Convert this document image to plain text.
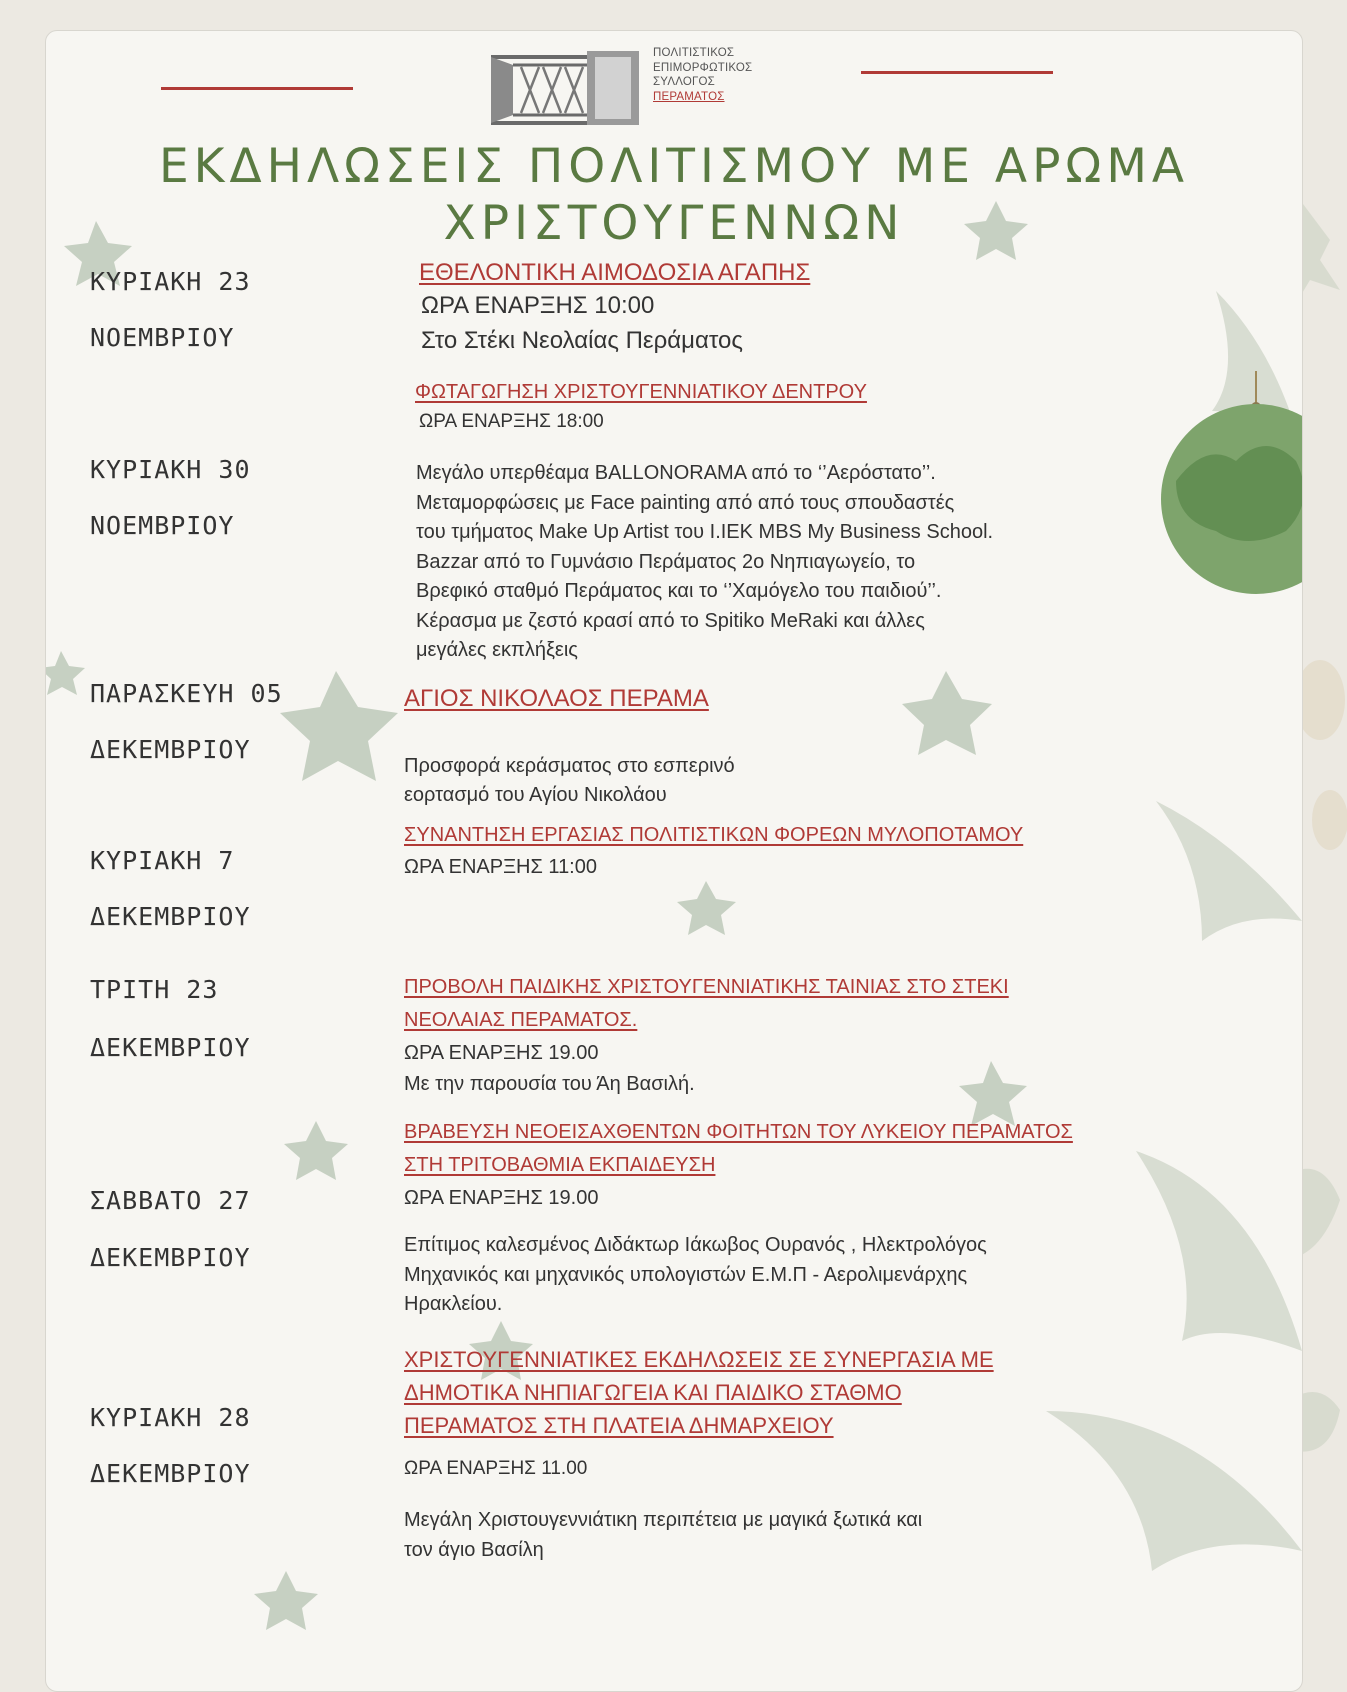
ΠΟΛΙΤΙΣΤΙΚΟΣ
ΕΠΙΜΟΡΦΩΤΙΚΟΣ
ΣΥΛΛΟΓΟΣ
ΠΕΡΑΜΑΤΟΣ
ΕΚΔΗΛΩΣΕΙΣ ΠΟΛΙΤΙΣΜΟΥ ΜΕ ΑΡΩΜΑ
ΧΡΙΣΤΟΥΓΕΝΝΩΝ
ΚΥΡΙΑΚΗ 23
ΝΟΕΜΒΡΙΟΥ
ΕΘΕΛΟΝΤΙΚΗ ΑΙΜΟΔΟΣΙΑ ΑΓΑΠΗΣ
ΩΡΑ ΕΝΑΡΞΗΣ 10:00
Στο Στέκι Νεολαίας Περάματος
ΦΩΤΑΓΩΓΗΣΗ ΧΡΙΣΤΟΥΓΕΝΝΙΑΤΙΚΟΥ ΔΕΝΤΡΟΥ
ΩΡΑ ΕΝΑΡΞΗΣ 18:00
ΚΥΡΙΑΚΗ 30
ΝΟΕΜΒΡΙΟΥ
Μεγάλο υπερθέαμα BALLONORAMA από το ‘’Αερόστατο’’.
Μεταμορφώσεις με Face painting από από τους σπουδαστές
του τμήματος Make Up Artist του Ι.ΙΕΚ MBS My Business School.
Bazzar από το Γυμνάσιο Περάματος 2ο Νηπιαγωγείο, το
Βρεφικό σταθμό Περάματος και το ‘’Χαμόγελο του παιδιού’’.
Κέρασμα με ζεστό κρασί από το Spitiko MeRaki και άλλες
μεγάλες εκπλήξεις
ΠΑΡΑΣΚΕΥΗ 05
ΔΕΚΕΜΒΡΙΟΥ
ΑΓΙΟΣ ΝΙΚΟΛΑΟΣ ΠΕΡΑΜΑ
Προσφορά κεράσματος στο εσπερινό
εορτασμό του Αγίου Νικολάου
ΣΥΝΑΝΤΗΣΗ ΕΡΓΑΣΙΑΣ ΠΟΛΙΤΙΣΤΙΚΩΝ ΦΟΡΕΩΝ ΜΥΛΟΠΟΤΑΜΟΥ
ΩΡΑ ΕΝΑΡΞΗΣ 11:00
ΚΥΡΙΑΚΗ 7
ΔΕΚΕΜΒΡΙΟΥ
ΤΡΙΤΗ 23
ΔΕΚΕΜΒΡΙΟΥ
ΠΡΟΒΟΛΗ ΠΑΙΔΙΚΗΣ ΧΡΙΣΤΟΥΓΕΝΝΙΑΤΙΚΗΣ ΤΑΙΝΙΑΣ ΣΤΟ ΣΤΕΚΙ
ΝΕΟΛΑΙΑΣ ΠΕΡΑΜΑΤΟΣ.
ΩΡΑ ΕΝΑΡΞΗΣ 19.00
Με την παρουσία του Άη Βασιλή.
ΒΡΑΒΕΥΣΗ ΝΕΟΕΙΣΑΧΘΕΝΤΩΝ ΦΟΙΤΗΤΩΝ ΤΟΥ ΛΥΚΕΙΟΥ ΠΕΡΑΜΑΤΟΣ
ΣΤΗ ΤΡΙΤΟΒΑΘΜΙΑ ΕΚΠΑΙΔΕΥΣΗ
ΩΡΑ ΕΝΑΡΞΗΣ 19.00
ΣΑΒΒΑΤΟ 27
ΔΕΚΕΜΒΡΙΟΥ	Επίτιμος καλεσμένος Διδάκτωρ Ιάκωβος Ουρανός , Ηλεκτρολόγος
Μηχανικός και μηχανικός υπολογιστών Ε.Μ.Π - Αερολιμενάρχης
Ηρακλείου.
ΧΡΙΣΤΟΥΓΕΝΝΙΑΤΙΚΕΣ ΕΚΔΗΛΩΣΕΙΣ ΣΕ ΣΥΝΕΡΓΑΣΙΑ ΜΕ
ΔΗΜΟΤΙΚΑ ΝΗΠΙΑΓΩΓΕΙΑ ΚΑΙ ΠΑΙΔΙΚΟ ΣΤΑΘΜΟ
ΠΕΡΑΜΑΤΟΣ ΣΤΗ ΠΛΑΤΕΙΑ ΔΗΜΑΡΧΕΙΟΥ
ΚΥΡΙΑΚΗ 28
ΔΕΚΕΜΒΡΙΟΥ	ΩΡΑ ΕΝΑΡΞΗΣ 11.00
Μεγάλη Χριστουγεννιάτικη περιπέτεια με μαγικά ξωτικά και
τον άγιο Βασίλη
